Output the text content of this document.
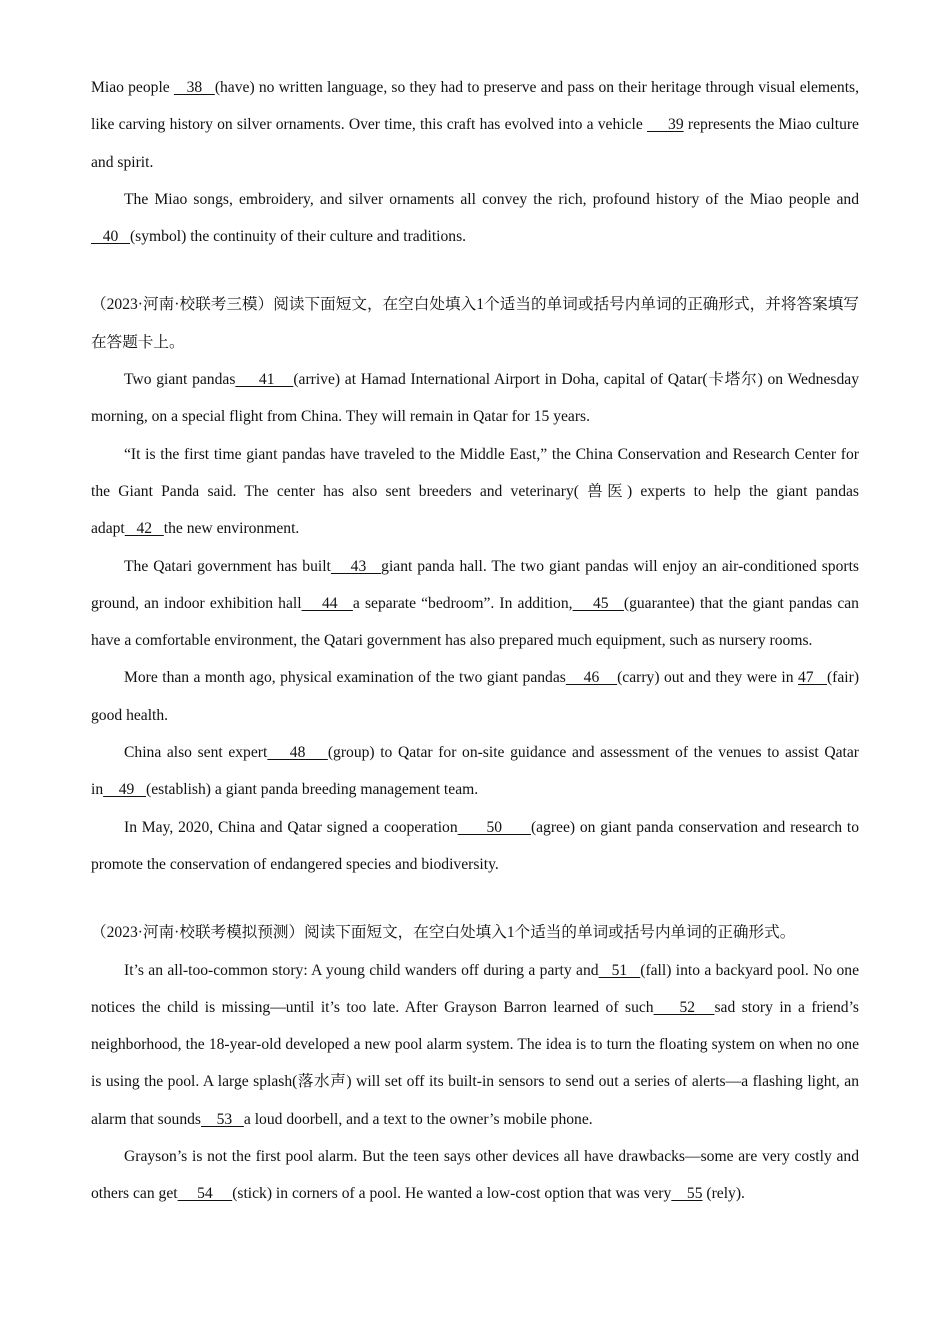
Miao people    38   (have) no written language, so they had to preserve and pass on their heritage through visual elements, like carving history on silver ornaments. Over time, this craft has evolved into a vehicle      39 represents the Miao culture and spirit.

The Miao songs, embroidery, and silver ornaments all convey the rich, profound history of the Miao people and    40   (symbol) the continuity of their culture and traditions.

（2023·河南·校联考三模）阅读下面短文，在空白处填入1个适当的单词或括号内单词的正确形式，并将答案填写在答题卡上。

Two giant pandas     41    (arrive) at Hamad International Airport in Doha, capital of Qatar(卡塔尔) on Wednesday morning, on a special flight from China. They will remain in Qatar for 15 years.

“It is the first time giant pandas have traveled to the Middle East,” the China Conservation and Research Center for the Giant Panda said. The center has also sent breeders and veterinary( 兽医) experts to help the giant pandas adapt   42   the new environment.

The Qatari government has built    43   giant panda hall. The two giant pandas will enjoy an air-conditioned sports ground, an indoor exhibition hall    44   a separate “bedroom”. In addition,    45   (guarantee) that the giant pandas can have a comfortable environment, the Qatari government has also prepared much equipment, such as nursery rooms.

More than a month ago, physical examination of the two giant pandas    46    (carry) out and they were in 47   (fair) good health.

China also sent expert    48    (group) to Qatar for on-site guidance and assessment of the venues to assist Qatar in    49   (establish) a giant panda breeding management team.

In May, 2020, China and Qatar signed a cooperation      50      (agree) on giant panda conservation and research to promote the conservation of endangered species and biodiversity.

（2023·河南·校联考模拟预测）阅读下面短文，在空白处填入1个适当的单词或括号内单词的正确形式。

It’s an all-too-common story: A young child wanders off during a party and   51   (fall) into a backyard pool. No one notices the child is missing—until it’s too late. After Grayson Barron learned of such    52   sad story in a friend’s neighborhood, the 18-year-old developed a new pool alarm system. The idea is to turn the floating system on when no one is using the pool. A large splash(落水声) will set off its built-in sensors to send out a series of alerts—a flashing light, an alarm that sounds    53   a loud doorbell, and a text to the owner’s mobile phone.

Grayson’s is not the first pool alarm. But the teen says other devices all have drawbacks—some are very costly and others can get     54     (stick) in corners of a pool. He wanted a low-cost option that was very    55 (rely).
